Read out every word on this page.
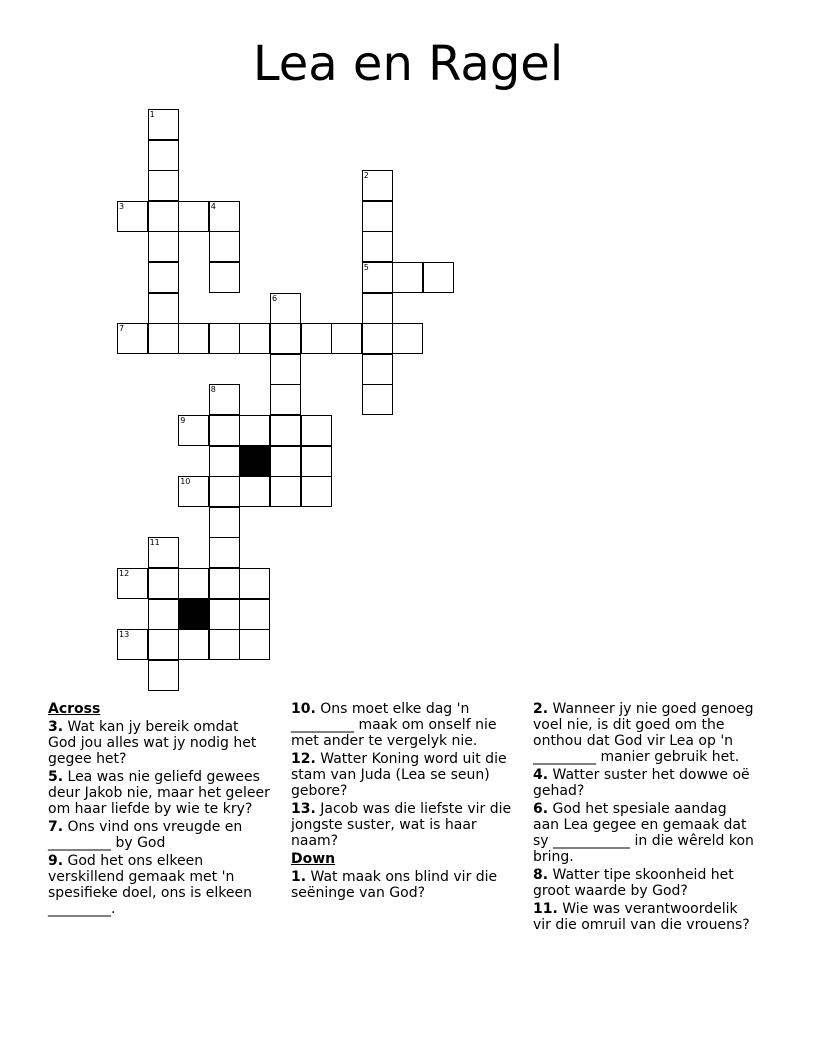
Lea en Ragel
1
3	4
7
2
5
6
8
9
10
11
12
13
Across
3. Wat kan jy bereik omdat God jou alles wat jy nodig het gegee het?
5. Lea was nie geliefd gewees deur Jakob nie, maar het geleer om haar liefde by wie te kry?
7. Ons vind ons vreugde en _________ by God
9. God het ons elkeen verskillend gemaak met 'n spesifieke doel, ons is elkeen _________.
10. Ons moet elke dag 'n _________ maak om onself nie met ander te vergelyk nie.
12. Watter Koning word uit die stam van Juda (Lea se seun) gebore?
13. Jacob was die liefste vir die jongste suster, wat is haar naam?
Down
1. Wat maak ons blind vir die seëninge van God?
2. Wanneer jy nie goed genoeg voel nie, is dit goed om the onthou dat God vir Lea op 'n _________ manier gebruik het.
4. Watter suster het dowwe oë gehad?
6. God het spesiale aandag aan Lea gegee en gemaak dat sy ___________ in die wêreld kon bring.
8. Watter tipe skoonheid het groot waarde by God?
11. Wie was verantwoordelik vir die omruil van die vrouens?
